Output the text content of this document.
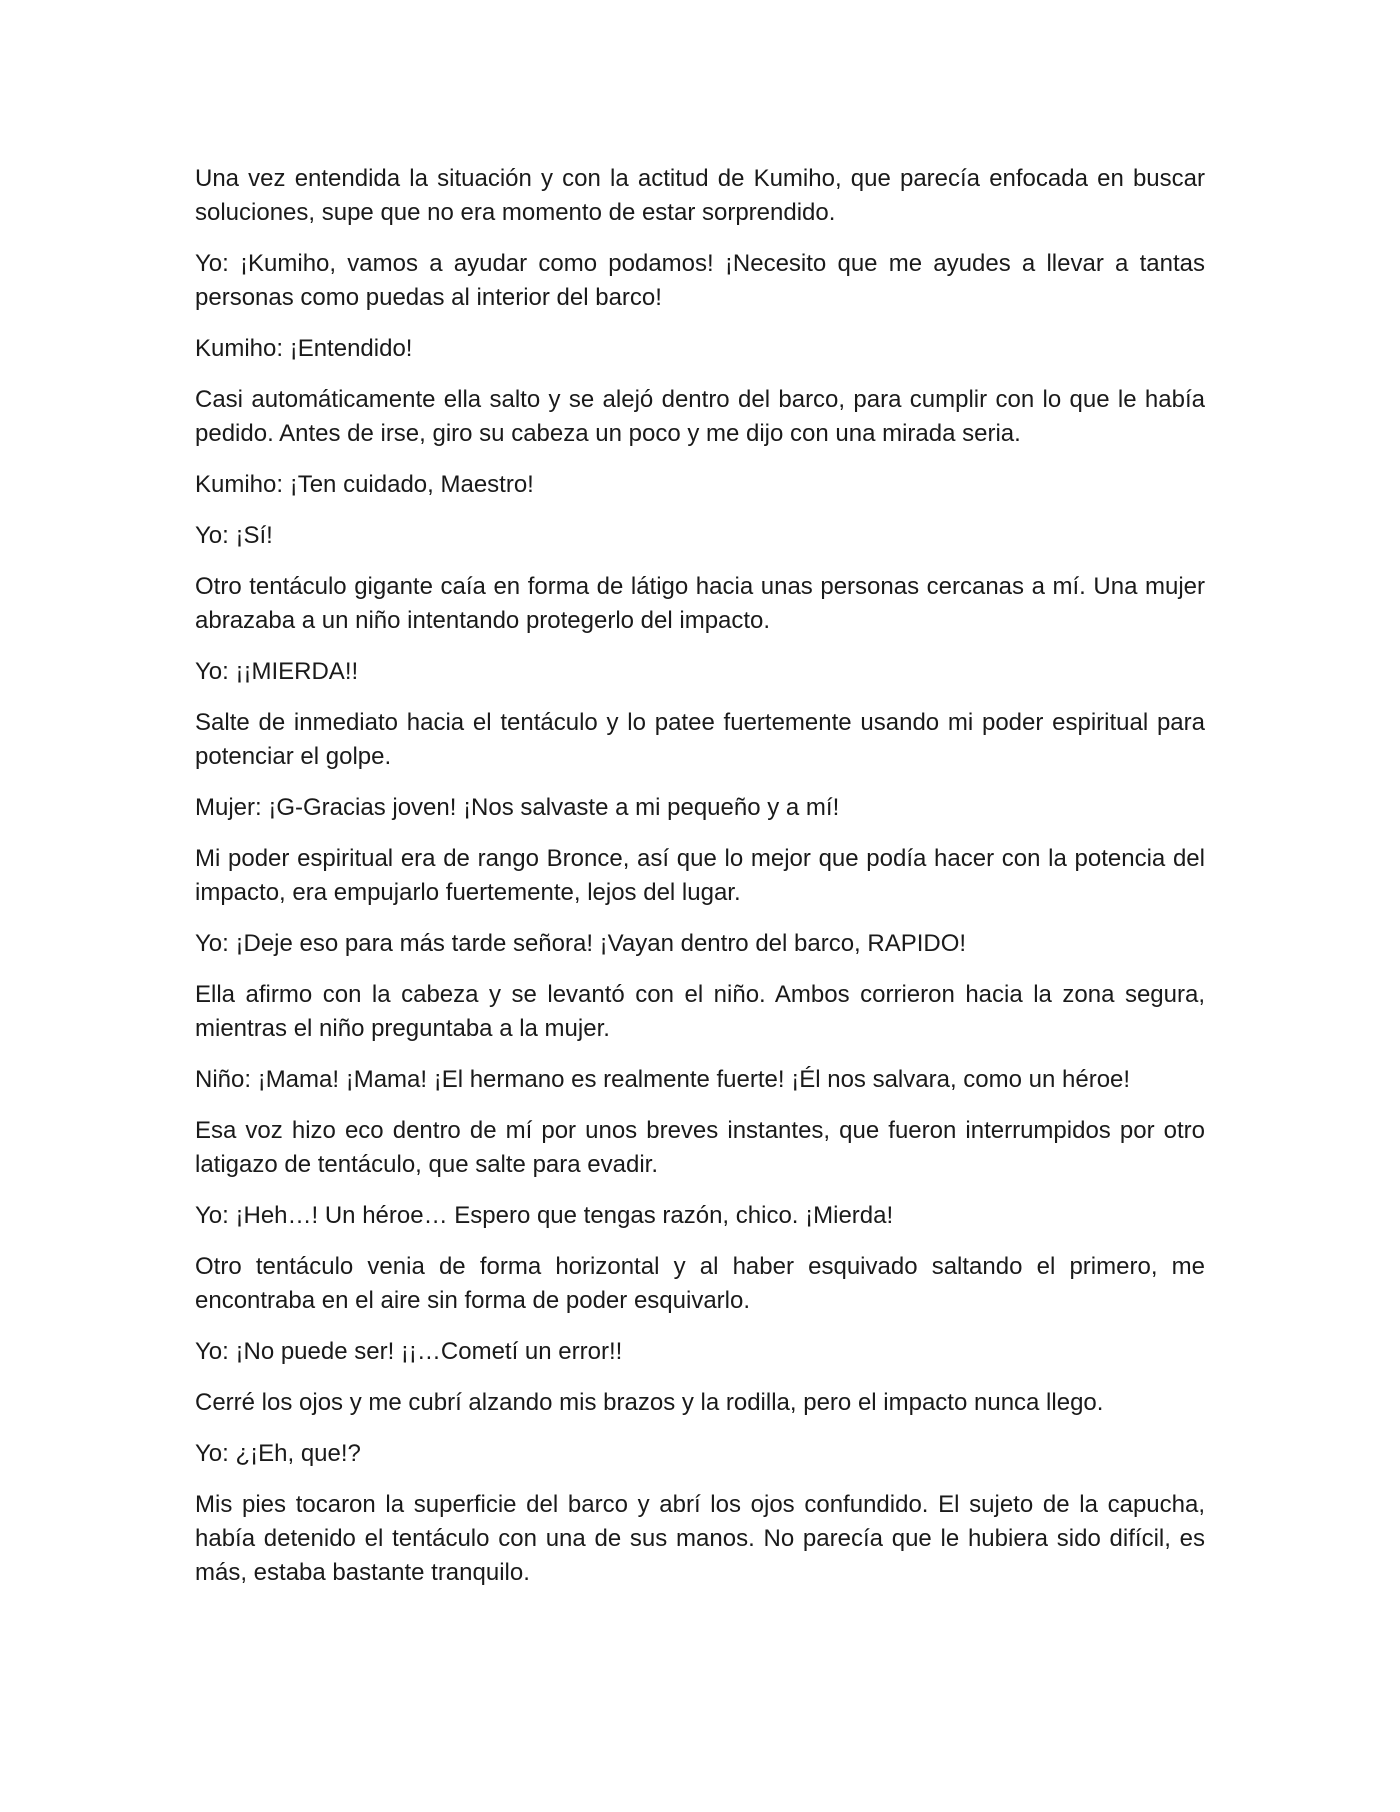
Una vez entendida la situación y con la actitud de Kumiho, que parecía enfocada en buscar soluciones, supe que no era momento de estar sorprendido.

Yo: ¡Kumiho, vamos a ayudar como podamos! ¡Necesito que me ayudes a llevar a tantas personas como puedas al interior del barco!

Kumiho: ¡Entendido!

Casi automáticamente ella salto y se alejó dentro del barco, para cumplir con lo que le había pedido. Antes de irse, giro su cabeza un poco y me dijo con una mirada seria.

Kumiho: ¡Ten cuidado, Maestro!

Yo: ¡Sí!

Otro tentáculo gigante caía en forma de látigo hacia unas personas cercanas a mí. Una mujer abrazaba a un niño intentando protegerlo del impacto.

Yo: ¡¡MIERDA!!

Salte de inmediato hacia el tentáculo y lo patee fuertemente usando mi poder espiritual para potenciar el golpe.

Mujer: ¡G-Gracias joven! ¡Nos salvaste a mi pequeño y a mí!

Mi poder espiritual era de rango Bronce, así que lo mejor que podía hacer con la potencia del impacto, era empujarlo fuertemente, lejos del lugar.

Yo: ¡Deje eso para más tarde señora! ¡Vayan dentro del barco, RAPIDO!

Ella afirmo con la cabeza y se levantó con el niño. Ambos corrieron hacia la zona segura, mientras el niño preguntaba a la mujer.

Niño: ¡Mama! ¡Mama! ¡El hermano es realmente fuerte! ¡Él nos salvara, como un héroe!

Esa voz hizo eco dentro de mí por unos breves instantes, que fueron interrumpidos por otro latigazo de tentáculo, que salte para evadir.

Yo: ¡Heh…! Un héroe… Espero que tengas razón, chico. ¡Mierda!

Otro tentáculo venia de forma horizontal y al haber esquivado saltando el primero, me encontraba en el aire sin forma de poder esquivarlo.

Yo: ¡No puede ser! ¡¡…Cometí un error!!

Cerré los ojos y me cubrí alzando mis brazos y la rodilla, pero el impacto nunca llego.

Yo: ¿¡Eh, que!?

Mis pies tocaron la superficie del barco y abrí los ojos confundido. El sujeto de la capucha, había detenido el tentáculo con una de sus manos. No parecía que le hubiera sido difícil, es más, estaba bastante tranquilo.
